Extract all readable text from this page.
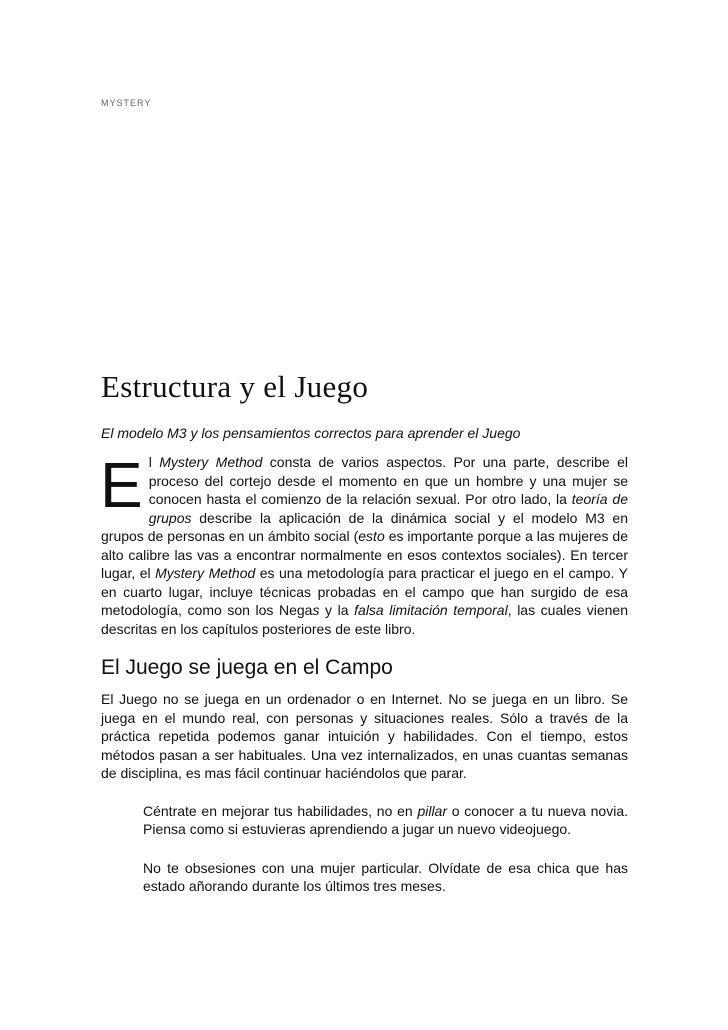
MYSTERY
Estructura y el Juego

El modelo M3 y los pensamientos correctos para aprender el Juego

El Mystery Method consta de varios aspectos. Por una parte, describe el proceso del cortejo desde el momento en que un hombre y una mujer se conocen hasta el comienzo de la relación sexual. Por otro lado, la teoría de grupos describe la aplicación de la dinámica social y el modelo M3 en grupos de personas en un ámbito social (esto es importante porque a las mujeres de alto calibre las vas a encontrar normalmente en esos contextos sociales). En tercer lugar, el Mystery Method es una metodología para practicar el juego en el campo. Y en cuarto lugar, incluye técnicas probadas en el campo que han surgido de esa metodología, como son los Negas y la falsa limitación temporal, las cuales vienen descritas en los capítulos posteriores de este libro.

El Juego se juega en el Campo

El Juego no se juega en un ordenador o en Internet. No se juega en un libro. Se juega en el mundo real, con personas y situaciones reales. Sólo a través de la práctica repetida podemos ganar intuición y habilidades. Con el tiempo, estos métodos pasan a ser habituales. Una vez internalizados, en unas cuantas semanas de disciplina, es mas fácil continuar haciéndolos que parar.

Céntrate en mejorar tus habilidades, no en pillar o conocer a tu nueva novia. Piensa como si estuvieras aprendiendo a jugar un nuevo videojuego.

No te obsesiones con una mujer particular. Olvídate de esa chica que has estado añorando durante los últimos tres meses.
